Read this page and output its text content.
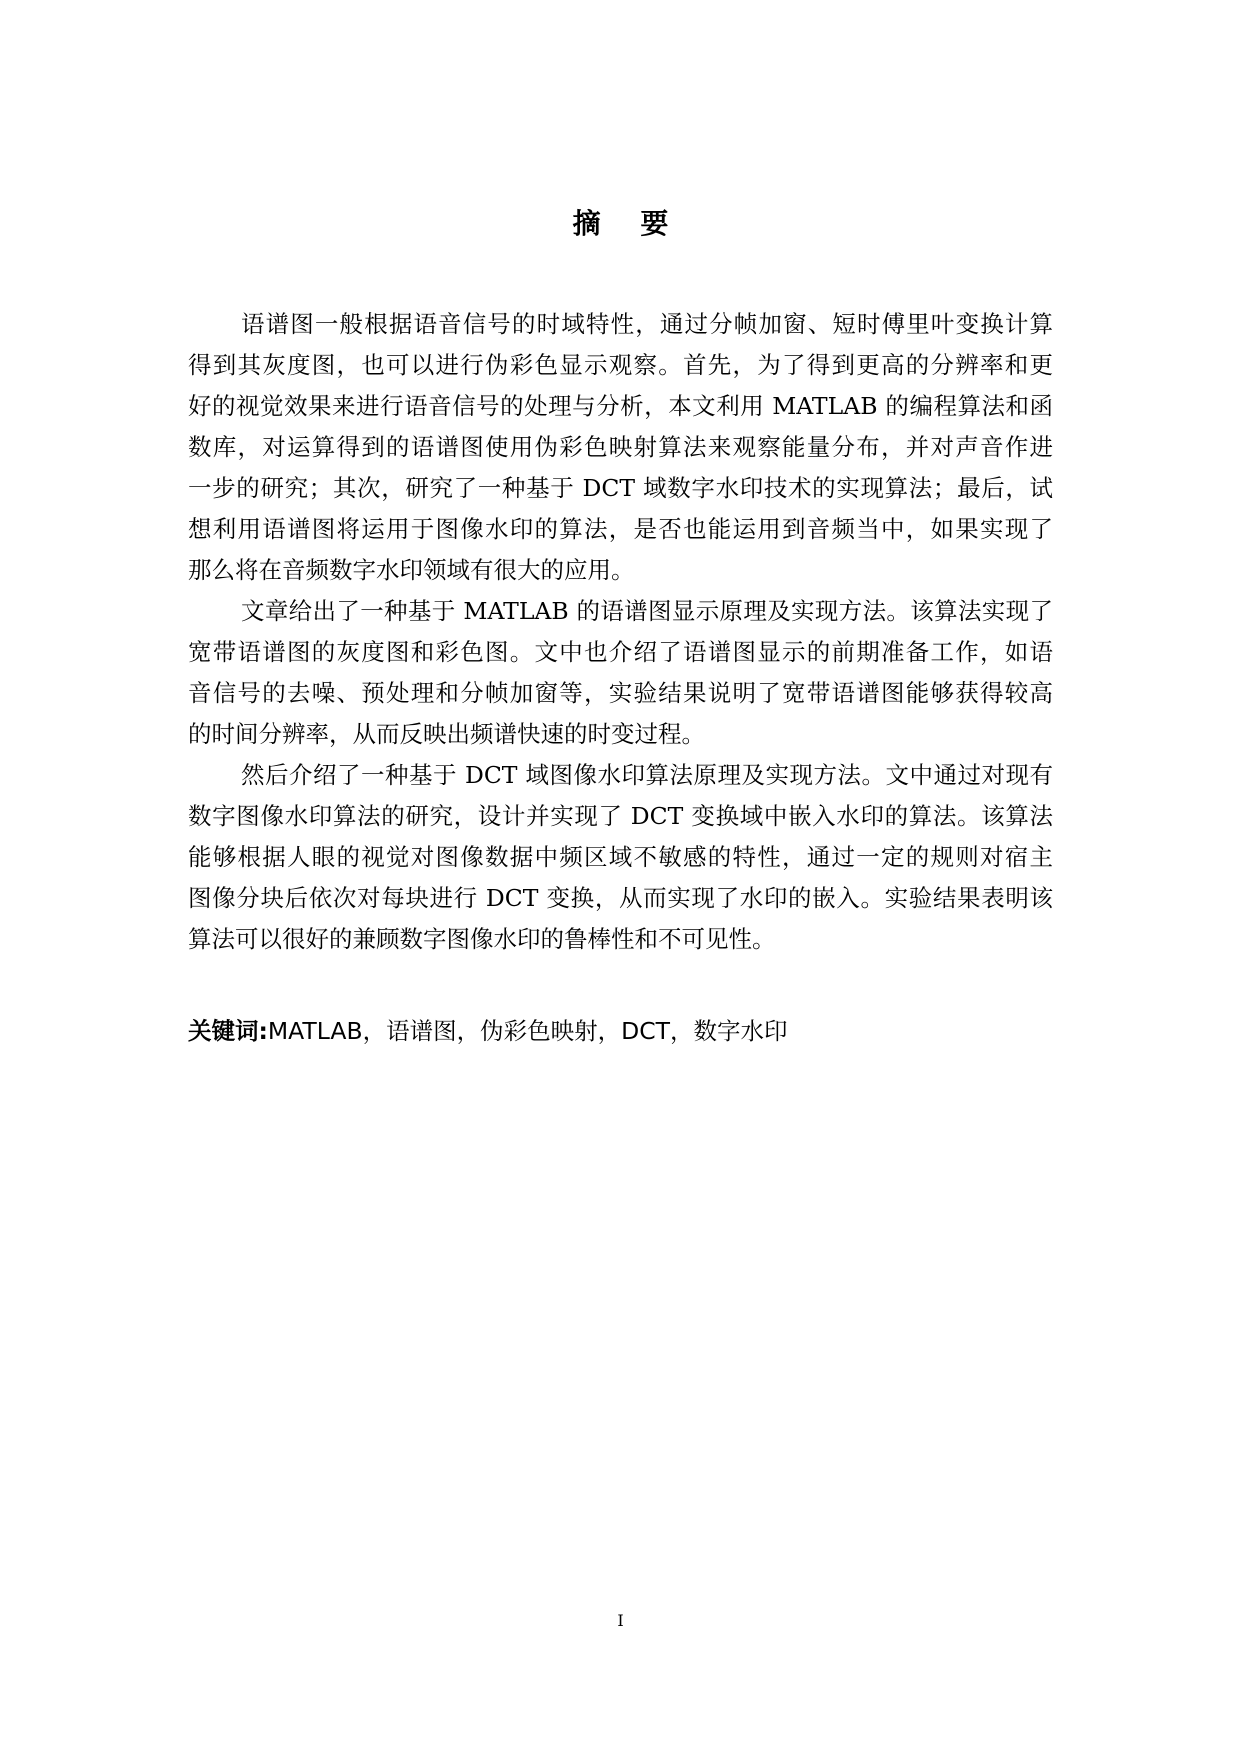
摘 要
语谱图一般根据语音信号的时域特性，通过分帧加窗、短时傅里叶变换计算
得到其灰度图，也可以进行伪彩色显示观察。首先，为了得到更高的分辨率和更
好的视觉效果来进行语音信号的处理与分析，本文利用 MATLAB 的编程算法和函
数库，对运算得到的语谱图使用伪彩色映射算法来观察能量分布，并对声音作进
一步的研究；其次，研究了一种基于 DCT 域数字水印技术的实现算法；最后，试
想利用语谱图将运用于图像水印的算法，是否也能运用到音频当中，如果实现了
那么将在音频数字水印领域有很大的应用。
文章给出了一种基于 MATLAB 的语谱图显示原理及实现方法。该算法实现了
宽带语谱图的灰度图和彩色图。文中也介绍了语谱图显示的前期准备工作，如语
音信号的去噪、预处理和分帧加窗等，实验结果说明了宽带语谱图能够获得较高
的时间分辨率，从而反映出频谱快速的时变过程。
然后介绍了一种基于 DCT 域图像水印算法原理及实现方法。文中通过对现有
数字图像水印算法的研究，设计并实现了 DCT 变换域中嵌入水印的算法。该算法
能够根据人眼的视觉对图像数据中频区域不敏感的特性，通过一定的规则对宿主
图像分块后依次对每块进行 DCT 变换，从而实现了水印的嵌入。实验结果表明该
算法可以很好的兼顾数字图像水印的鲁棒性和不可见性。
关键词:MATLAB，语谱图，伪彩色映射，DCT，数字水印
I
